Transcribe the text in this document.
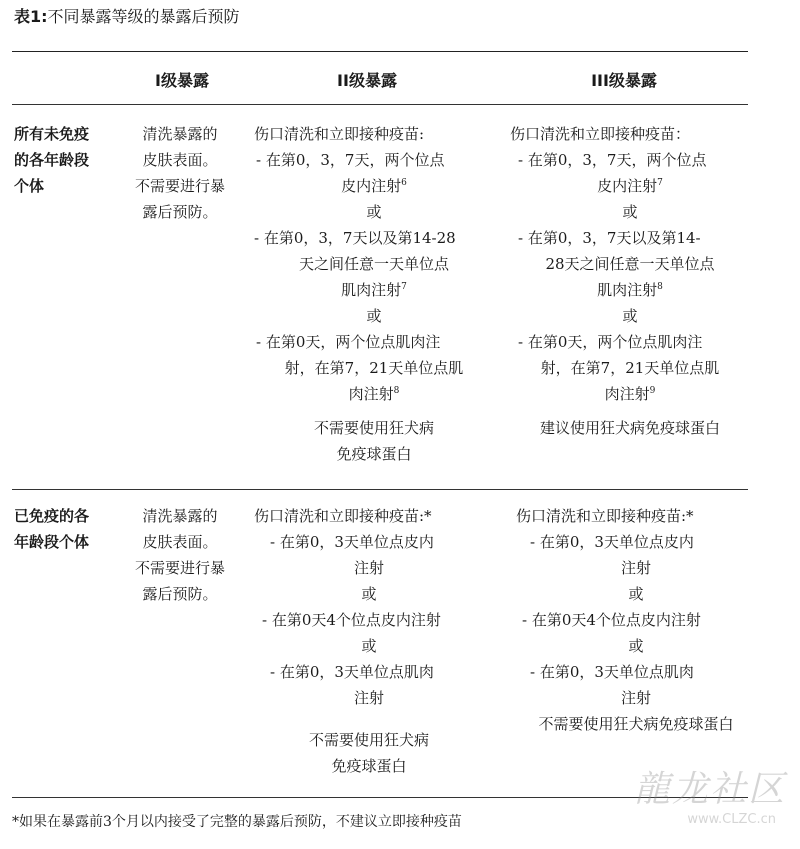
表1:不同暴露等级的暴露后预防
I级暴露	II级暴露	III级暴露
所有未免疫
的各年龄段
个体
清洗暴露的
皮肤表面。
不需要进行暴
露后预防。
伤口清洗和立即接种疫苗:
- 在第0，3，7天，两个位点
皮内注射$^6$
或
- 在第0，3，7天以及第14-28
天之间任意一天单位点
肌肉注射$^7$
或
- 在第0天，两个位点肌肉注
射，在第7，21天单位点肌
肉注射$^8$
不需要使用狂犬病
免疫球蛋白
伤口清洗和立即接种疫苗：
- 在第0，3，7天，两个位点
皮内注射$^7$
或
- 在第0，3，7天以及第14-
28天之间任意一天单位点
肌肉注射$^8$
或
- 在第0天，两个位点肌肉注
射，在第7，21天单位点肌
肉注射$^9$
建议使用狂犬病免疫球蛋白
已免疫的各
年龄段个体
清洗暴露的
皮肤表面。
不需要进行暴
露后预防。
伤口清洗和立即接种疫苗:*
- 在第0，3天单位点皮内
注射
或
- 在第0天4个位点皮内注射
或
- 在第0，3天单位点肌肉
注射
不需要使用狂犬病
免疫球蛋白
伤口清洗和立即接种疫苗:*
- 在第0，3天单位点皮内
注射
或
- 在第0天4个位点皮内注射
或
- 在第0，3天单位点肌肉
注射
不需要使用狂犬病免疫球蛋白
*如果在暴露前3个月以内接受了完整的暴露后预防，不建议立即接种疫苗
龍龙社区
www.CLZC.cn
